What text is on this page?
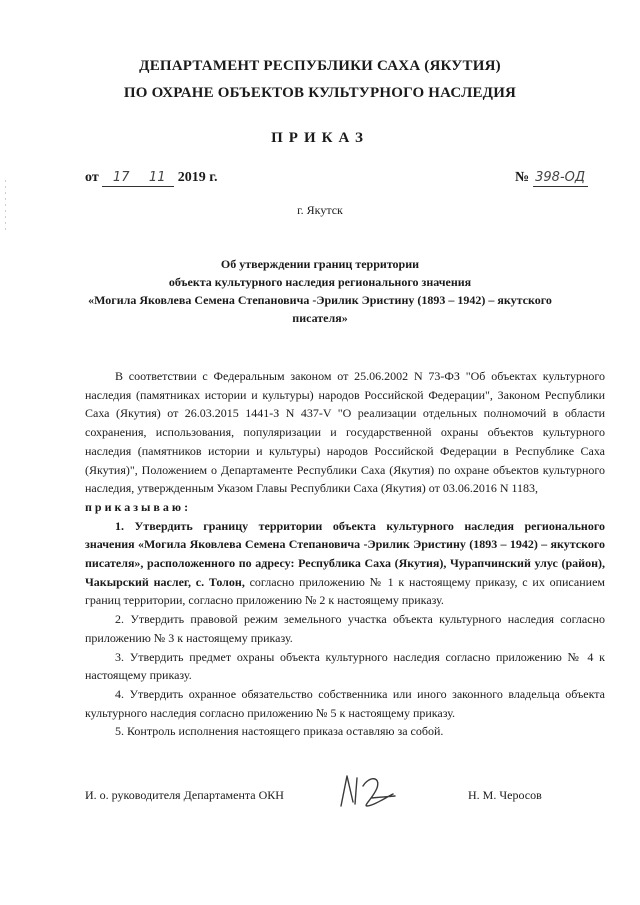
ДЕПАРТАМЕНТ РЕСПУБЛИКИ САХА (ЯКУТИЯ)
ПО ОХРАНЕ ОБЪЕКТОВ КУЛЬТУРНОГО НАСЛЕДИЯ
ПРИКАЗ
от 17 11 2019 г.	№ 398-ОД
г. Якутск
Об утверждении границ территории
объекта культурного наследия регионального значения
«Могила Яковлева Семена Степановича -Эрилик Эристину (1893 – 1942) – якутского писателя»

В соответствии с Федеральным законом от 25.06.2002 N 73-ФЗ "Об объектах культурного наследия (памятниках истории и культуры) народов Российской Федерации", Законом Республики Саха (Якутия) от 26.03.2015 1441-З N 437-V "О реализации отдельных полномочий в области сохранения, использования, популяризации и государственной охраны объектов культурного наследия (памятников истории и культуры) народов Российской Федерации в Республике Саха (Якутия)", Положением о Департаменте Республики Саха (Якутия) по охране объектов культурного наследия, утвержденным Указом Главы Республики Саха (Якутия) от 03.06.2016 N 1183,
приказываю:

1. Утвердить границу территории объекта культурного наследия регионального значения «Могила Яковлева Семена Степановича -Эрилик Эристину (1893 – 1942) – якутского писателя», расположенного по адресу: Республика Саха (Якутия), Чурапчинский улус (район), Чакырский наслег, с. Толон, согласно приложению № 1 к настоящему приказу, с их описанием границ территории, согласно приложению № 2 к настоящему приказу.

2. Утвердить правовой режим земельного участка объекта культурного наследия согласно приложению № 3 к настоящему приказу.

3. Утвердить предмет охраны объекта культурного наследия согласно приложению № 4 к настоящему приказу.

4. Утвердить охранное обязательство собственника или иного законного владельца объекта культурного наследия согласно приложению № 5 к настоящему приказу.

5. Контроль исполнения настоящего приказа оставляю за собой.

И. о. руководителя Департамента ОКН	Н. М. Черосов
